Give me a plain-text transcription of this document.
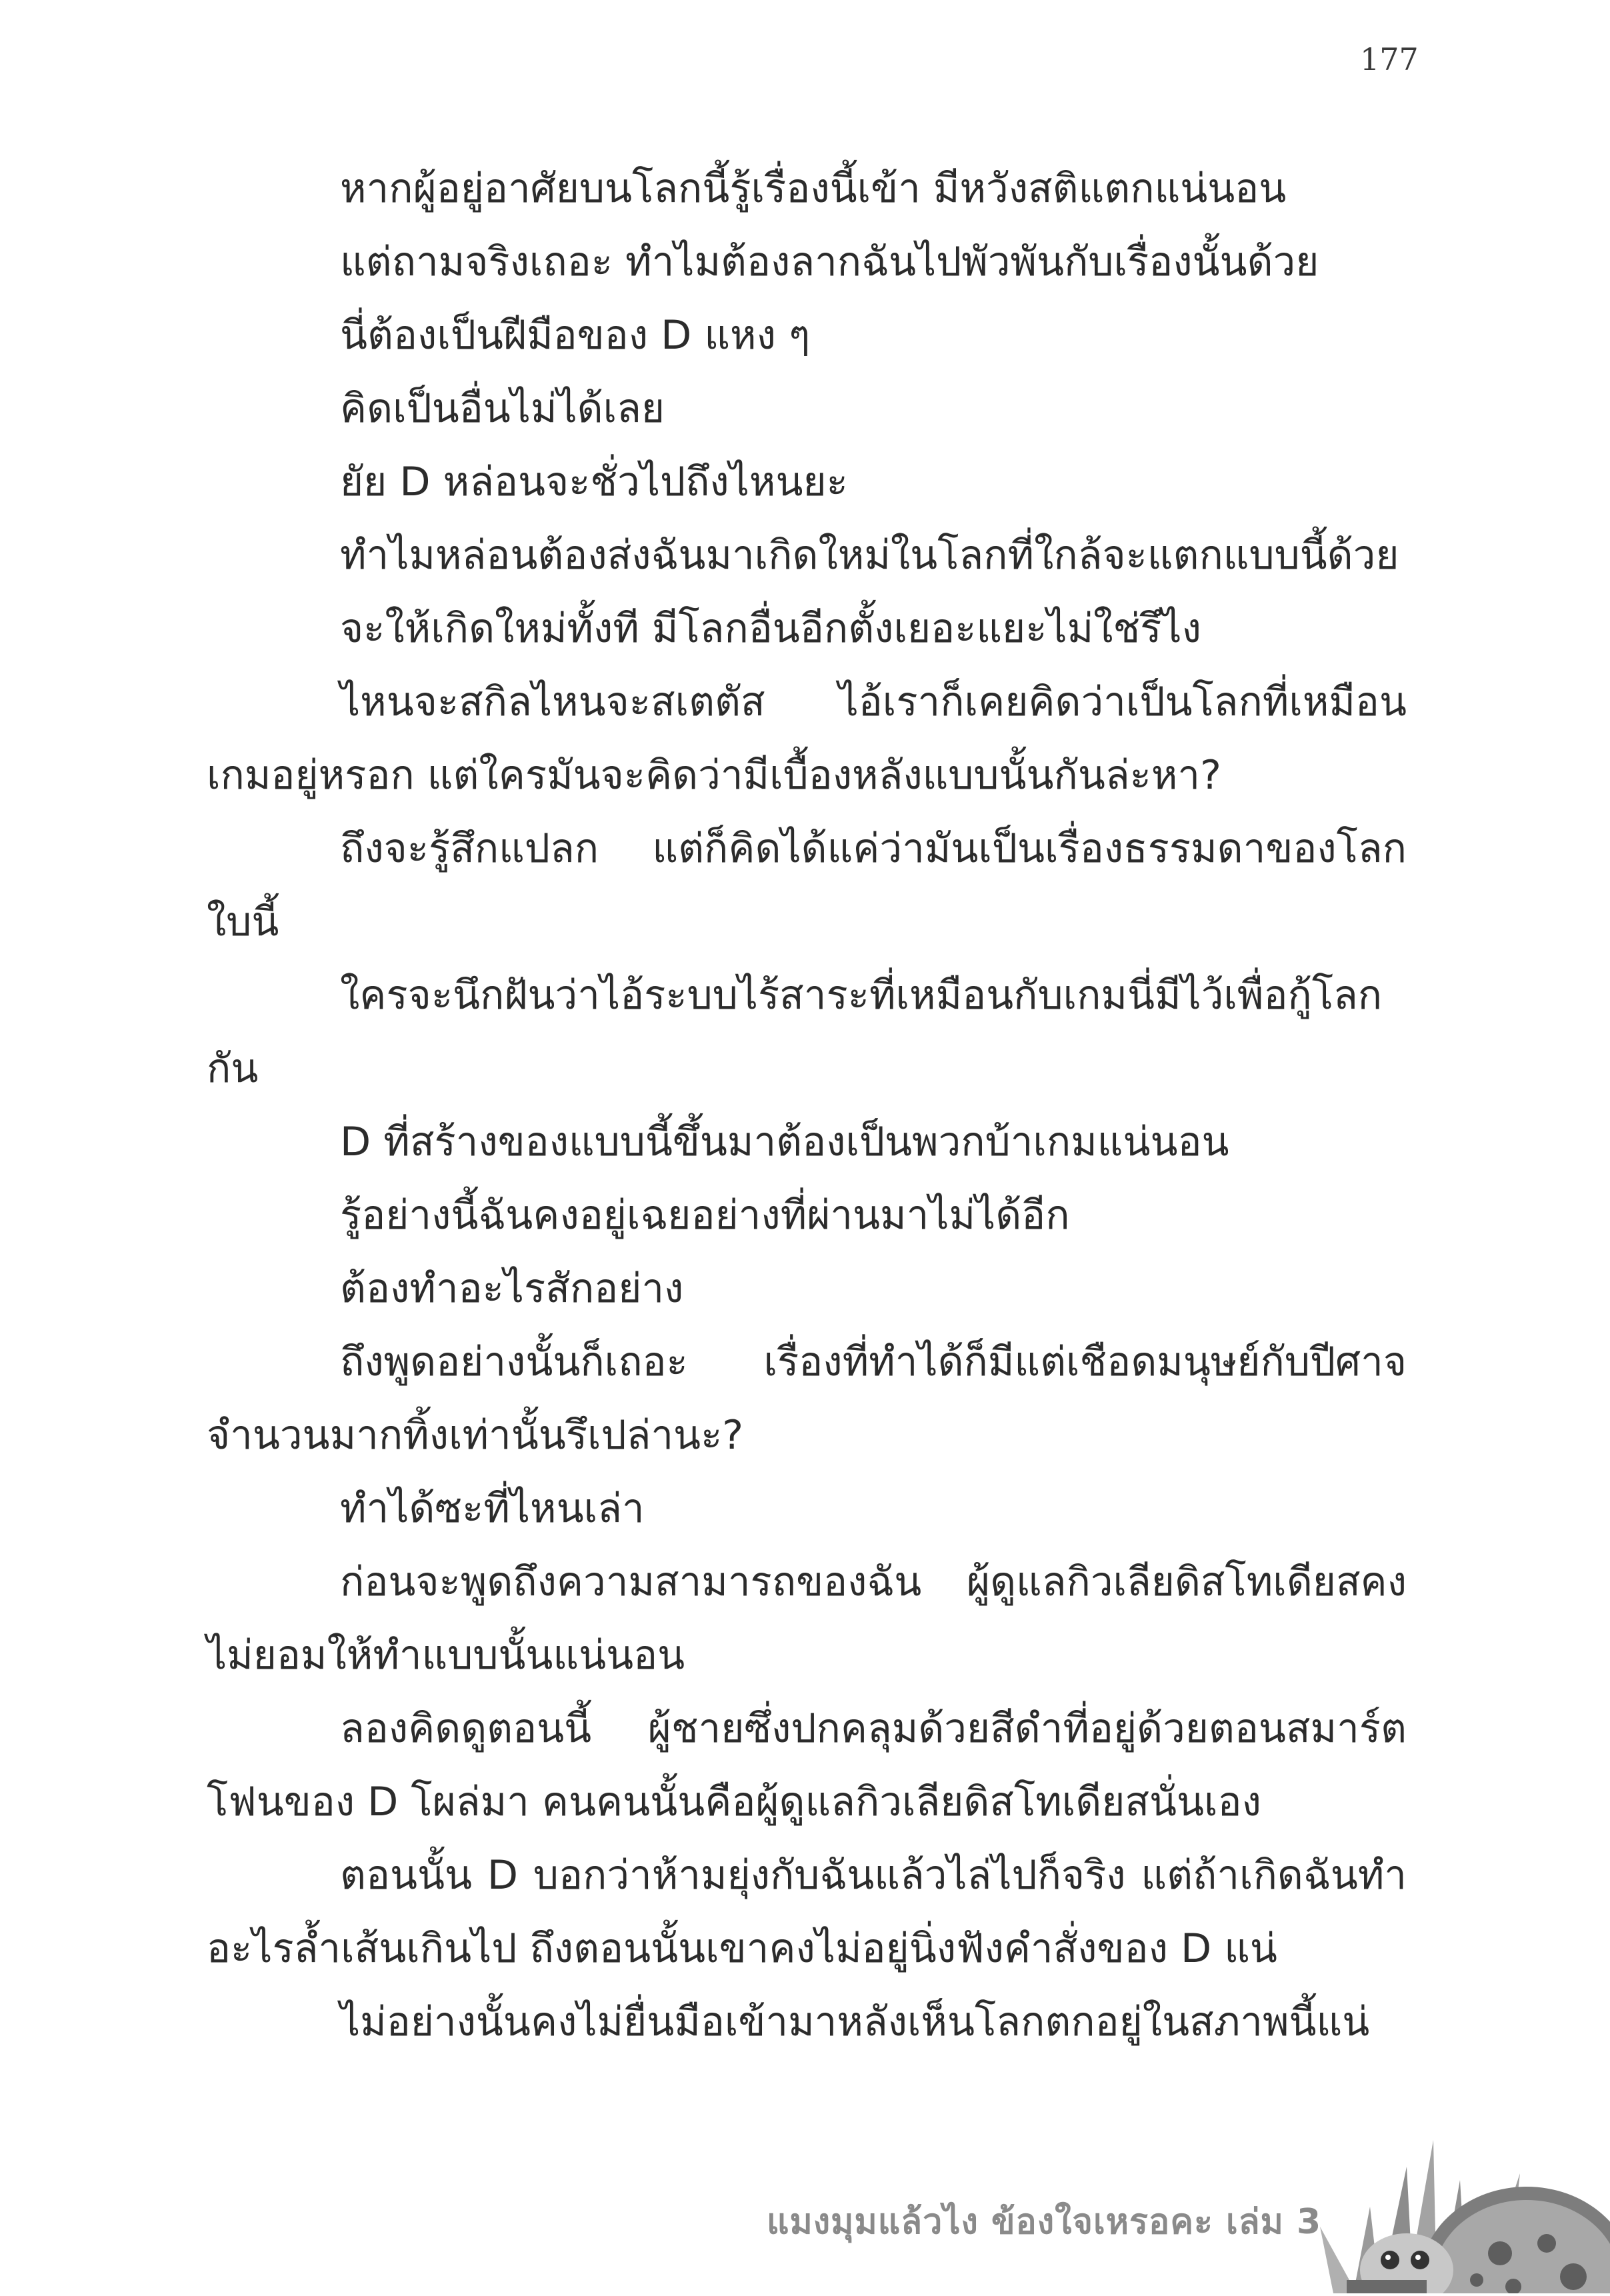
177

หากผู้อยู่อาศัยบนโลกนี้รู้เรื่องนี้เข้า มีหวังสติแตกแน่นอน

แต่ถามจริงเถอะ ทำไมต้องลากฉันไปพัวพันกับเรื่องนั้นด้วย

นี่ต้องเป็นฝีมือของ D แหง ๆ

คิดเป็นอื่นไม่ได้เลย

ยัย D หล่อนจะชั่วไปถึงไหนยะ

ทำไมหล่อนต้องส่งฉันมาเกิดใหม่ในโลกที่ใกล้จะแตกแบบนี้ด้วย

จะให้เกิดใหม่ทั้งที มีโลกอื่นอีกตั้งเยอะแยะไม่ใช่รึไง

ไหนจะสกิลไหนจะสเตตัส ไอ้เราก็เคยคิดว่าเป็นโลกที่เหมือนเกมอยู่หรอก แต่ใครมันจะคิดว่ามีเบื้องหลังแบบนั้นกันล่ะหา?

ถึงจะรู้สึกแปลก แต่ก็คิดได้แค่ว่ามันเป็นเรื่องธรรมดาของโลกใบนี้

ใครจะนึกฝันว่าไอ้ระบบไร้สาระที่เหมือนกับเกมนี่มีไว้เพื่อกู้โลกกัน

D ที่สร้างของแบบนี้ขึ้นมาต้องเป็นพวกบ้าเกมแน่นอน

รู้อย่างนี้ฉันคงอยู่เฉยอย่างที่ผ่านมาไม่ได้อีก

ต้องทำอะไรสักอย่าง

ถึงพูดอย่างนั้นก็เถอะ เรื่องที่ทำได้ก็มีแต่เชือดมนุษย์กับปีศาจจำนวนมากทิ้งเท่านั้นรึเปล่านะ?

ทำได้ซะที่ไหนเล่า

ก่อนจะพูดถึงความสามารถของฉัน ผู้ดูแลกิวเลียดิสโทเดียสคงไม่ยอมให้ทำแบบนั้นแน่นอน

ลองคิดดูตอนนี้ ผู้ชายซึ่งปกคลุมด้วยสีดำที่อยู่ด้วยตอนสมาร์ตโฟนของ D โผล่มา คนคนนั้นคือผู้ดูแลกิวเลียดิสโทเดียสนั่นเอง

ตอนนั้น D บอกว่าห้ามยุ่งกับฉันแล้วไล่ไปก็จริง แต่ถ้าเกิดฉันทำอะไรล้ำเส้นเกินไป ถึงตอนนั้นเขาคงไม่อยู่นิ่งฟังคำสั่งของ D แน่

ไม่อย่างนั้นคงไม่ยื่นมือเข้ามาหลังเห็นโลกตกอยู่ในสภาพนี้แน่

แมงมุมแล้วไง ข้องใจเหรอคะ เล่ม 3
